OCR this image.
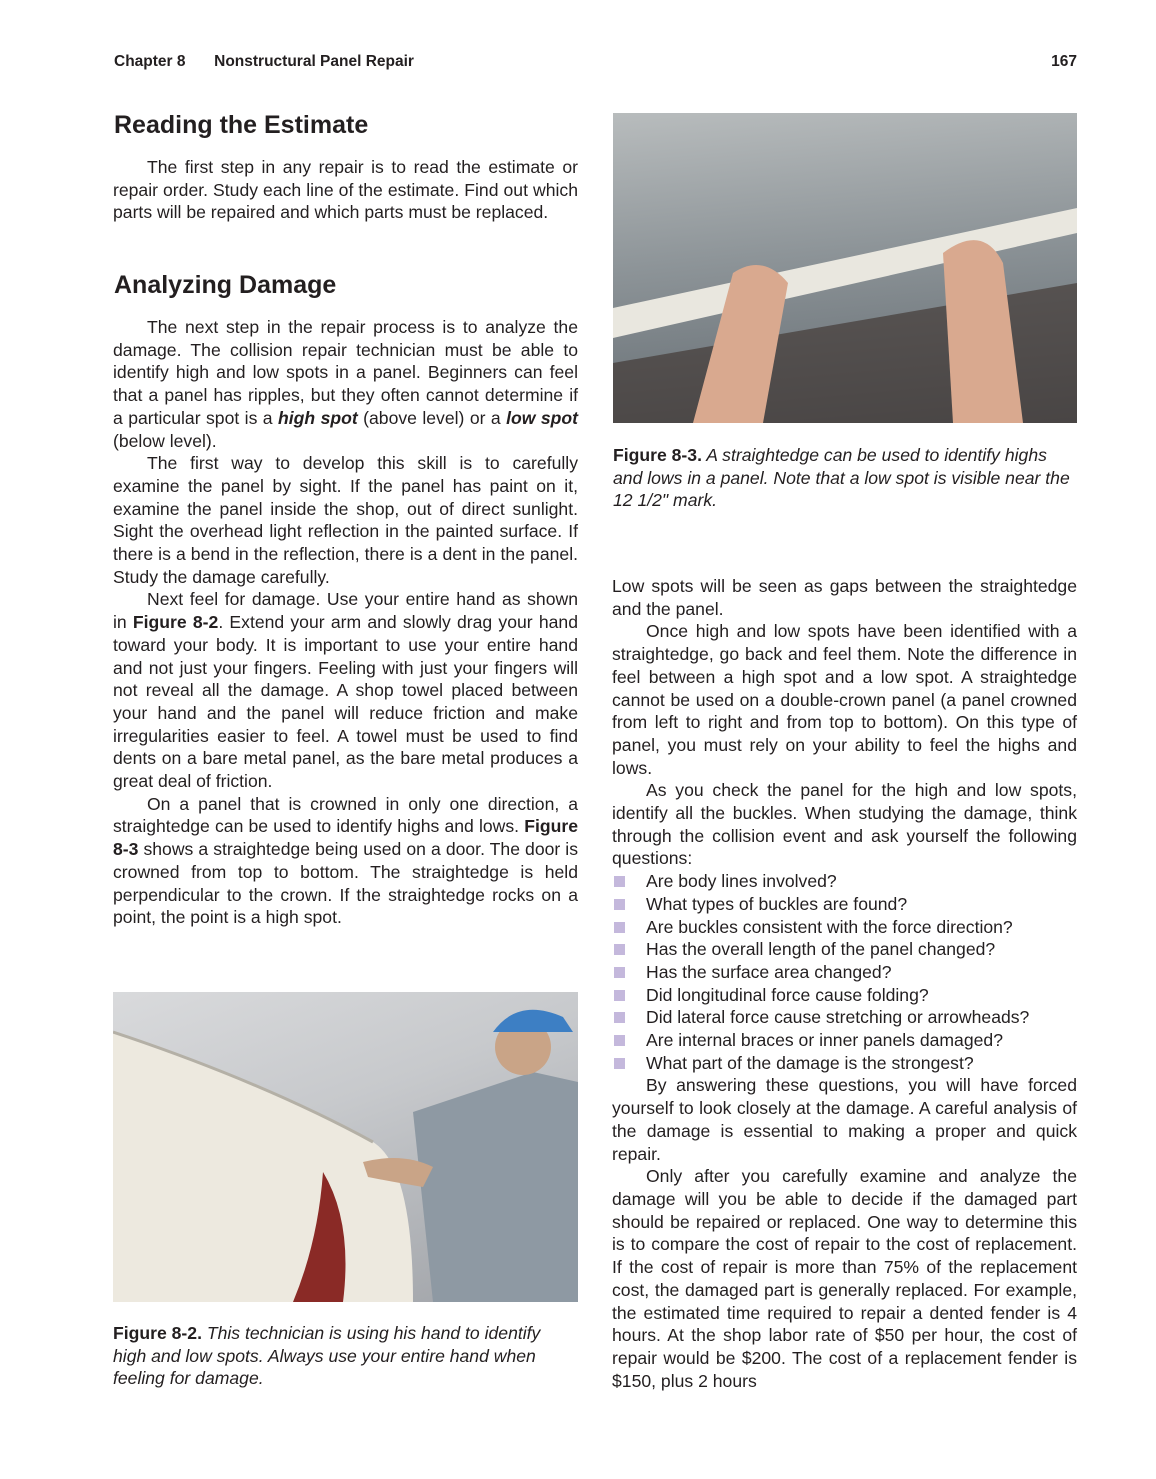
Chapter 8 Nonstructural Panel Repair	167
Reading the Estimate

The first step in any repair is to read the estimate or repair order. Study each line of the estimate. Find out which parts will be repaired and which parts must be replaced.

Analyzing Damage

The next step in the repair process is to analyze the damage. The collision repair technician must be able to identify high and low spots in a panel. Beginners can feel that a panel has ripples, but they often cannot determine if a particular spot is a high spot (above level) or a low spot (below level).

The first way to develop this skill is to carefully examine the panel by sight. If the panel has paint on it, examine the panel inside the shop, out of direct sunlight. Sight the overhead light reflection in the painted surface. If there is a bend in the reflection, there is a dent in the panel. Study the damage carefully.

Next feel for damage. Use your entire hand as shown in Figure 8-2. Extend your arm and slowly drag your hand toward your body. It is important to use your entire hand and not just your fingers. Feeling with just your fingers will not reveal all the damage. A shop towel placed between your hand and the panel will reduce friction and make irregularities easier to feel. A towel must be used to find dents on a bare metal panel, as the bare metal produces a great deal of friction.

On a panel that is crowned in only one direction, a straightedge can be used to identify highs and lows. Figure 8-3 shows a straightedge being used on a door. The door is crowned from top to bottom. The straightedge is held perpendicular to the crown. If the straightedge rocks on a point, the point is a high spot.

Figure 8-2. This technician is using his hand to identify high and low spots. Always use your entire hand when feeling for damage.
Figure 8-3. A straightedge can be used to identify highs and lows in a panel. Note that a low spot is visible near the 12 1/2" mark.

Low spots will be seen as gaps between the straightedge and the panel.

Once high and low spots have been identified with a straightedge, go back and feel them. Note the difference in feel between a high spot and a low spot. A straightedge cannot be used on a double-crown panel (a panel crowned from left to right and from top to bottom). On this type of panel, you must rely on your ability to feel the highs and lows.

As you check the panel for the high and low spots, identify all the buckles. When studying the damage, think through the collision event and ask yourself the following questions:

Are body lines involved?
What types of buckles are found?
Are buckles consistent with the force direction?
Has the overall length of the panel changed?
Has the surface area changed?
Did longitudinal force cause folding?
Did lateral force cause stretching or arrowheads?
Are internal braces or inner panels damaged?
What part of the damage is the strongest?

By answering these questions, you will have forced yourself to look closely at the damage. A careful analysis of the damage is essential to making a proper and quick repair.

Only after you carefully examine and analyze the damage will you be able to decide if the damaged part should be repaired or replaced. One way to determine this is to compare the cost of repair to the cost of replacement. If the cost of repair is more than 75% of the replacement cost, the damaged part is generally replaced. For example, the estimated time required to repair a dented fender is 4 hours. At the shop labor rate of $50 per hour, the cost of repair would be $200. The cost of a replacement fender is $150, plus 2 hours
